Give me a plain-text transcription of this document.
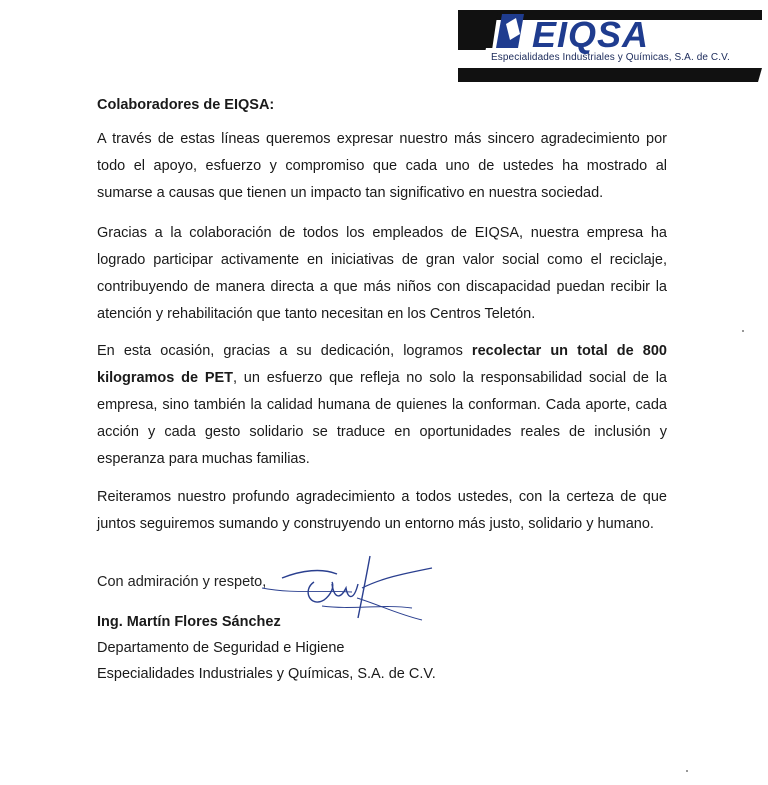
EIQSA
Especialidades Industriales y Químicas, S.A. de C.V.

Colaboradores de EIQSA:

A través de estas líneas queremos expresar nuestro más sincero agradecimiento por todo el apoyo, esfuerzo y compromiso que cada uno de ustedes ha mostrado al sumarse a causas que tienen un impacto tan significativo en nuestra sociedad.

Gracias a la colaboración de todos los empleados de EIQSA, nuestra empresa ha logrado participar activamente en iniciativas de gran valor social como el reciclaje, contribuyendo de manera directa a que más niños con discapacidad puedan recibir la atención y rehabilitación que tanto necesitan en los Centros Teletón.

En esta ocasión, gracias a su dedicación, logramos recolectar un total de 800 kilogramos de PET, un esfuerzo que refleja no solo la responsabilidad social de la empresa, sino también la calidad humana de quienes la conforman. Cada aporte, cada acción y cada gesto solidario se traduce en oportunidades reales de inclusión y esperanza para muchas familias.

Reiteramos nuestro profundo agradecimiento a todos ustedes, con la certeza de que juntos seguiremos sumando y construyendo un entorno más justo, solidario y humano.

Con admiración y respeto,
Ing. Martín Flores Sánchez
Departamento de Seguridad e Higiene
Especialidades Industriales y Químicas, S.A. de C.V.
